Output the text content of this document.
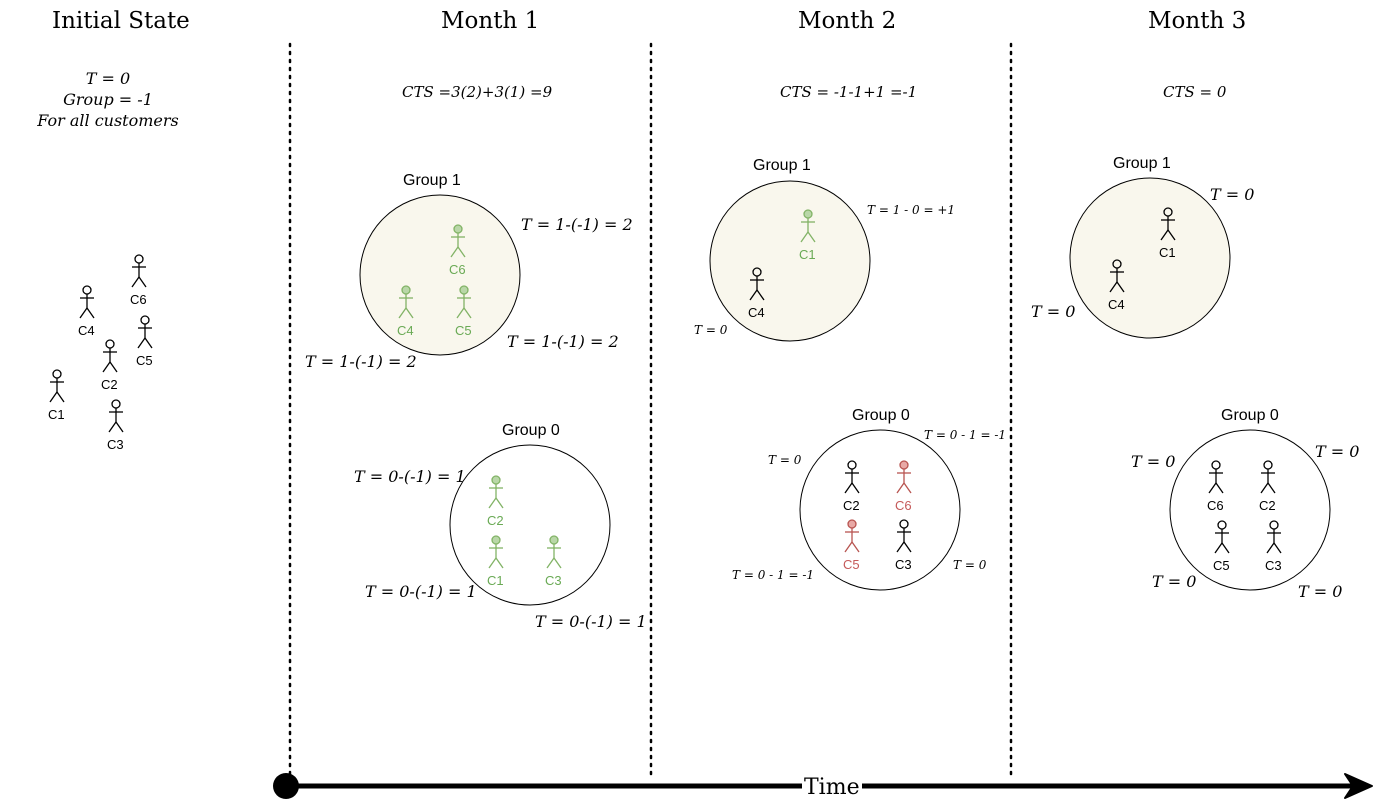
Initial State	Month 1	Month 2	Month 3
T = 0
Group = -1
For all customers
C6
C4
C5
C2
C1
C3
CTS =3(2)+3(1) =9
Group 1
C6
C4	C5
T = 1-(-1) = 2
T = 1-(-1) = 2
T = 1-(-1) = 2
Group 0
C2
C1	C3
T = 0-(-1) = 1
T = 0-(-1) = 1
T = 0-(-1) = 1
CTS = -1-1+1 =-1
Group 1
C1
C4
T = 1 - 0 = +1
T = 0
Group 0
C2	C6
C5	C3
T = 0
T = 0 - 1 = -1
T = 0 - 1 = -1
T = 0
CTS = 0
Group 1
C1
C4
T = 0
T = 0
Group 0
C6	C2
C5	C3
T = 0
T = 0
T = 0
T = 0
Time
